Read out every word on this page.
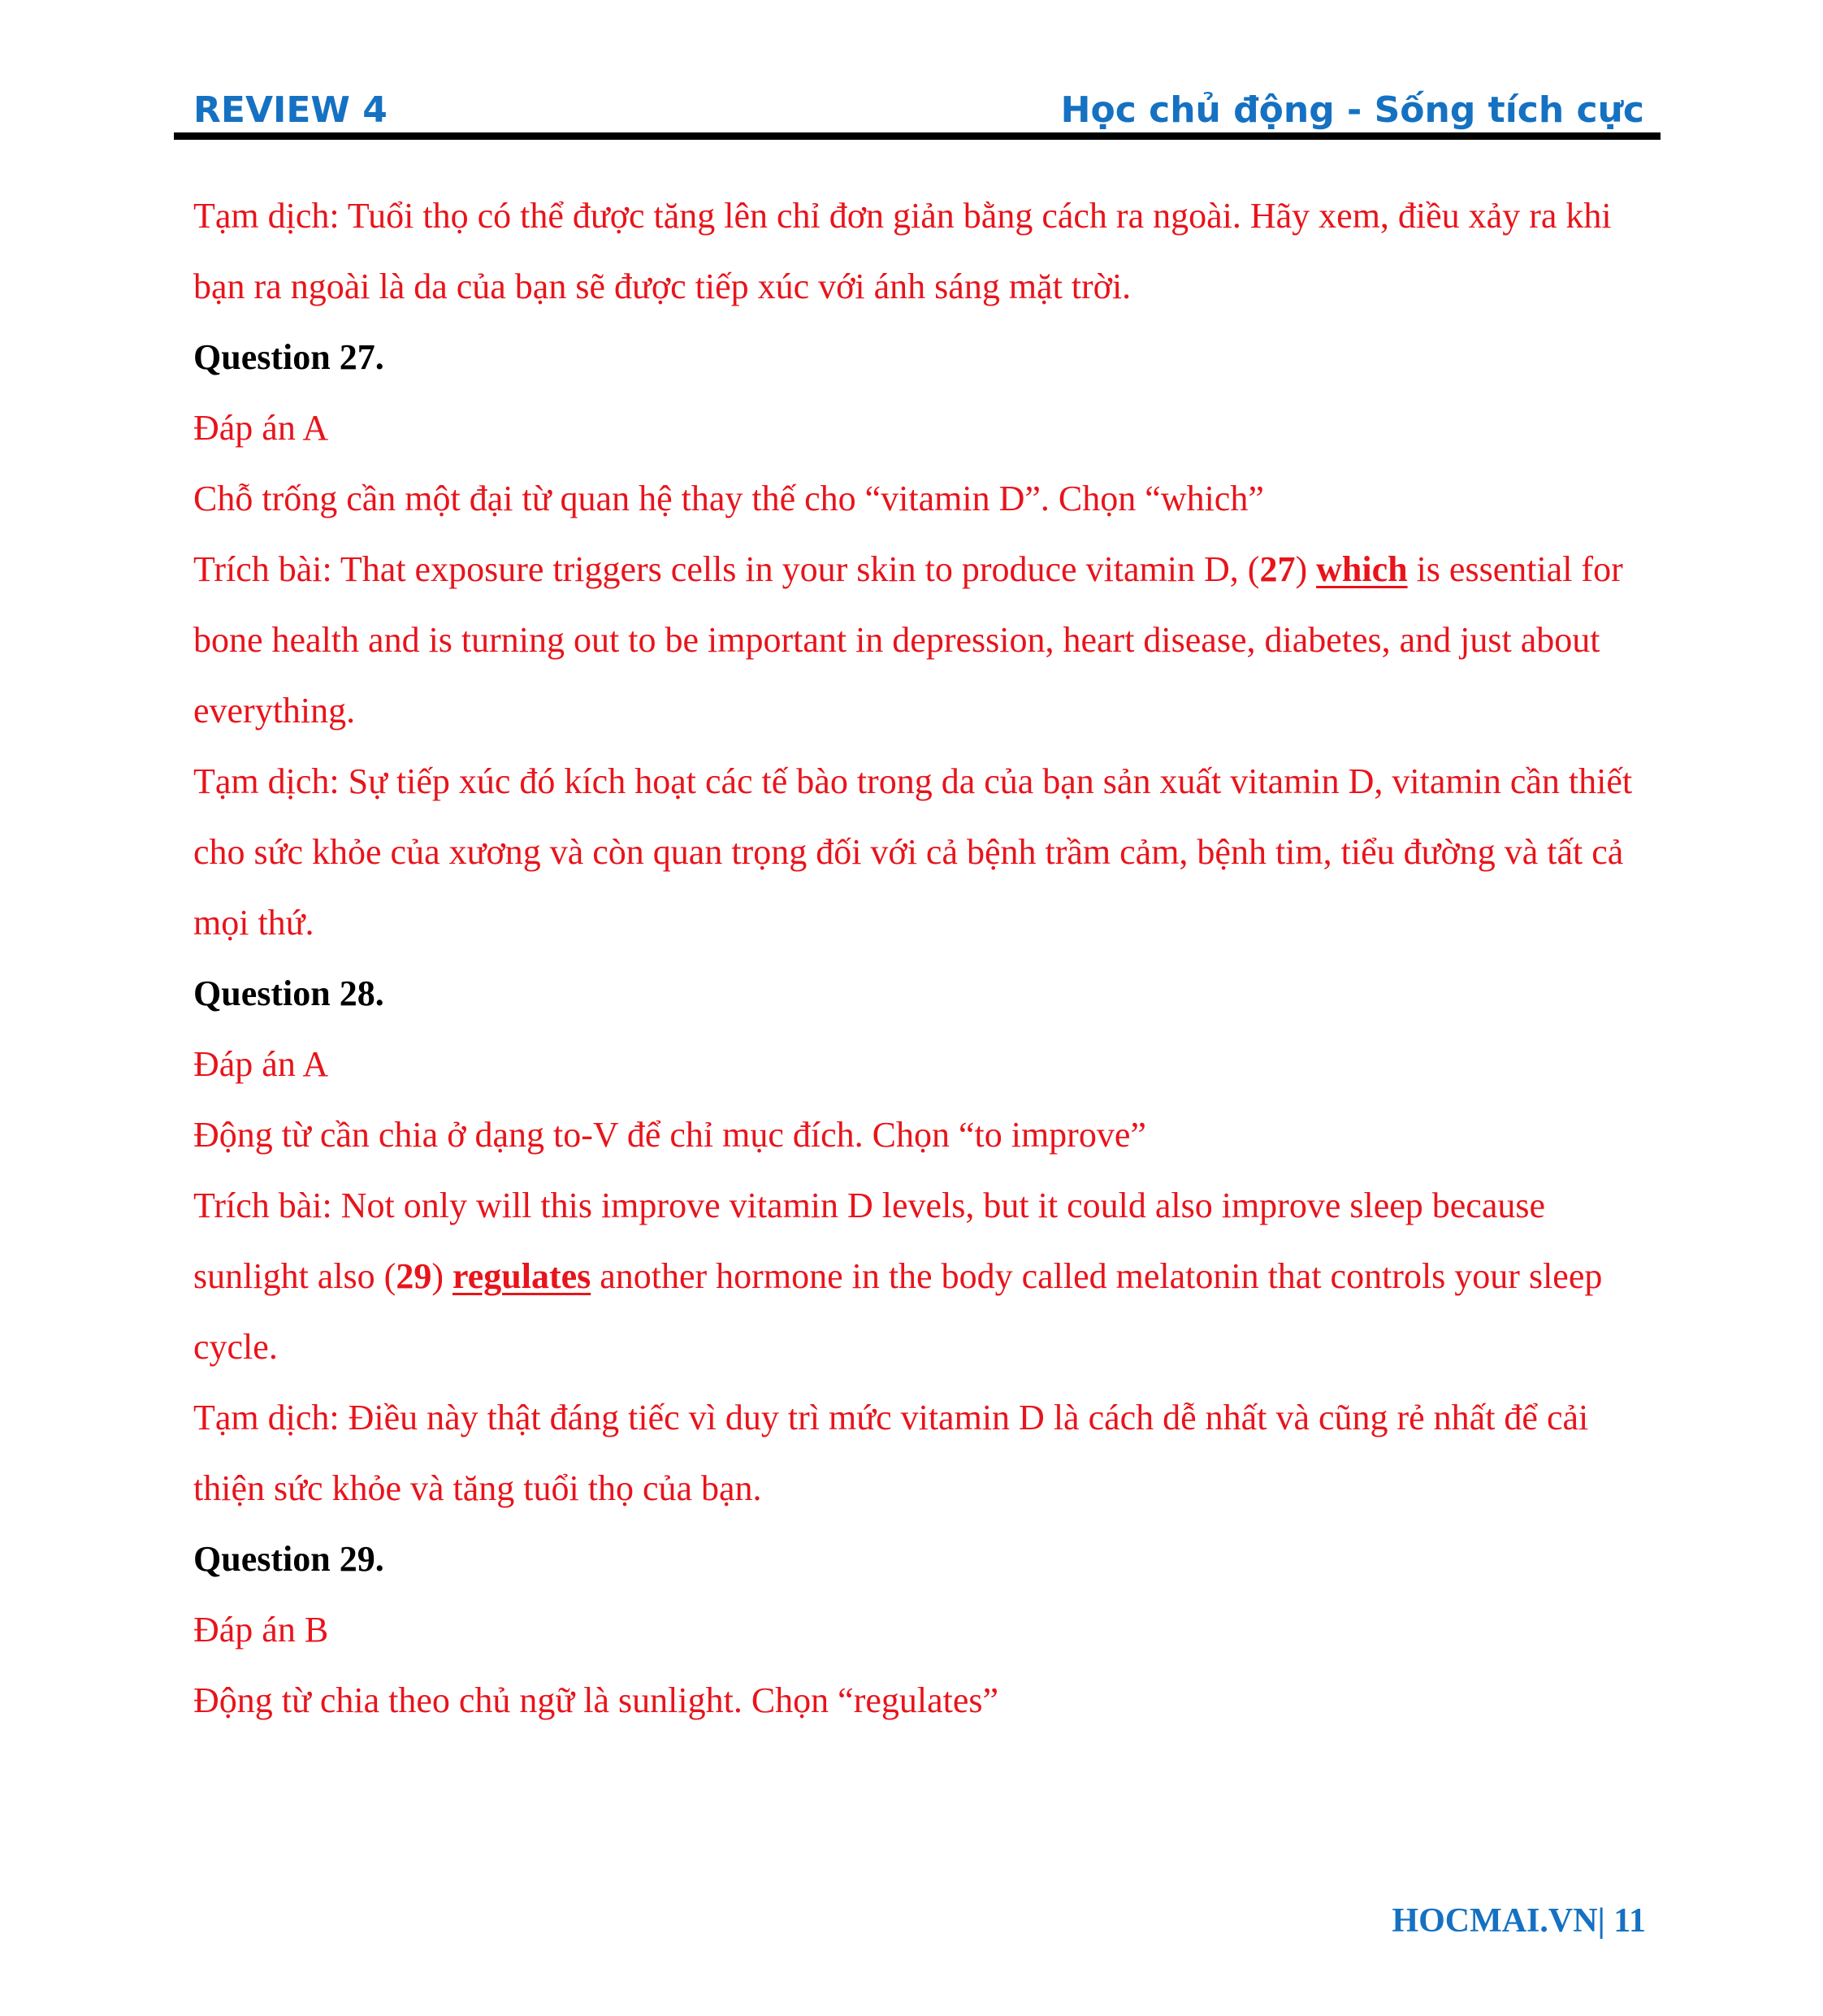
REVIEW 4	Học chủ động - Sống tích cực

Tạm dịch: Tuổi thọ có thể được tăng lên chỉ đơn giản bằng cách ra ngoài. Hãy xem, điều xảy ra khi bạn ra ngoài là da của bạn sẽ được tiếp xúc với ánh sáng mặt trời.

Question 27.

Đáp án A

Chỗ trống cần một đại từ quan hệ thay thế cho “vitamin D”. Chọn “which”

Trích bài: That exposure triggers cells in your skin to produce vitamin D, (27) which is essential for bone health and is turning out to be important in depression, heart disease, diabetes, and just about everything.

Tạm dịch: Sự tiếp xúc đó kích hoạt các tế bào trong da của bạn sản xuất vitamin D, vitamin cần thiết cho sức khỏe của xương và còn quan trọng đối với cả bệnh trầm cảm, bệnh tim, tiểu đường và tất cả mọi thứ.

Question 28.

Đáp án A

Động từ cần chia ở dạng to-V để chỉ mục đích. Chọn “to improve”

Trích bài: Not only will this improve vitamin D levels, but it could also improve sleep because sunlight also (29) regulates another hormone in the body called melatonin that controls your sleep cycle.

Tạm dịch: Điều này thật đáng tiếc vì duy trì mức vitamin D là cách dễ nhất và cũng rẻ nhất để cải thiện sức khỏe và tăng tuổi thọ của bạn.

Question 29.

Đáp án B

Động từ chia theo chủ ngữ là sunlight. Chọn “regulates”

HOCMAI.VN| 11
